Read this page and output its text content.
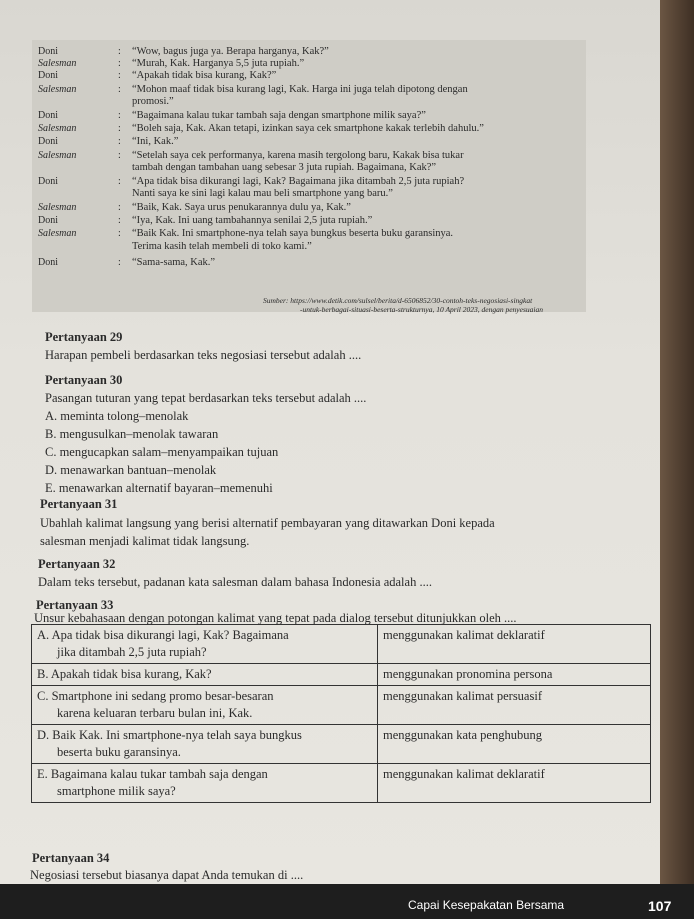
Doni	: “Wow, bagus juga ya. Berapa harganya, Kak?”
Salesman	: “Murah, Kak. Harganya 5,5 juta rupiah.”
Doni	: “Apakah tidak bisa kurang, Kak?”
Salesman	: “Mohon maaf tidak bisa kurang lagi, Kak. Harga ini juga telah dipotong dengan
promosi.”
Doni	: “Bagaimana kalau tukar tambah saja dengan smartphone milik saya?”
Salesman	: “Boleh saja, Kak. Akan tetapi, izinkan saya cek smartphone kakak terlebih dahulu.”
Doni	: “Ini, Kak.”
Salesman	: “Setelah saya cek performanya, karena masih tergolong baru, Kakak bisa tukar
tambah dengan tambahan uang sebesar 3 juta rupiah. Bagaimana, Kak?”
Doni	: “Apa tidak bisa dikurangi lagi, Kak? Bagaimana jika ditambah 2,5 juta rupiah?
Nanti saya ke sini lagi kalau mau beli smartphone yang baru.”
Salesman	: “Baik, Kak. Saya urus penukarannya dulu ya, Kak.”
Doni	: “Iya, Kak. Ini uang tambahannya senilai 2,5 juta rupiah.”
Salesman	: “Baik Kak. Ini smartphone-nya telah saya bungkus beserta buku garansinya.
Terima kasih telah membeli di toko kami.”
Doni	: “Sama-sama, Kak.”
Sumber: https://www.detik.com/sulsel/berita/d-6506852/30-contoh-teks-negosiasi-singkat
-untuk-berbagai-situasi-beserta-strukturnya, 10 April 2023, dengan penyesuaian
Pertanyaan 29
Harapan pembeli berdasarkan teks negosiasi tersebut adalah ....
Pertanyaan 30
Pasangan tuturan yang tepat berdasarkan teks tersebut adalah ....
A. meminta tolong–menolak
B. mengusulkan–menolak tawaran
C. mengucapkan salam–menyampaikan tujuan
D. menawarkan bantuan–menolak
E. menawarkan alternatif bayaran–memenuhi
Pertanyaan 31
Ubahlah kalimat langsung yang berisi alternatif pembayaran yang ditawarkan Doni kepada
salesman menjadi kalimat tidak langsung.
Pertanyaan 32
Dalam teks tersebut, padanan kata salesman dalam bahasa Indonesia adalah ....
Pertanyaan 33
Unsur kebahasaan dengan potongan kalimat yang tepat pada dialog tersebut ditunjukkan oleh ....
A. Apa tidak bisa dikurangi lagi, Kak? Bagaimana
jika ditambah 2,5 juta rupiah?	menggunakan kalimat deklaratif

B. Apakah tidak bisa kurang, Kak?	menggunakan pronomina persona

C. Smartphone ini sedang promo besar-besaran
karena keluaran terbaru bulan ini, Kak.	menggunakan kalimat persuasif

D. Baik Kak. Ini smartphone-nya telah saya bungkus
beserta buku garansinya.	menggunakan kata penghubung

E. Bagaimana kalau tukar tambah saja dengan
smartphone milik saya?	menggunakan kalimat deklaratif
Pertanyaan 34
Negosiasi tersebut biasanya dapat Anda temukan di ....
Capai Kesepakatan Bersama	107
